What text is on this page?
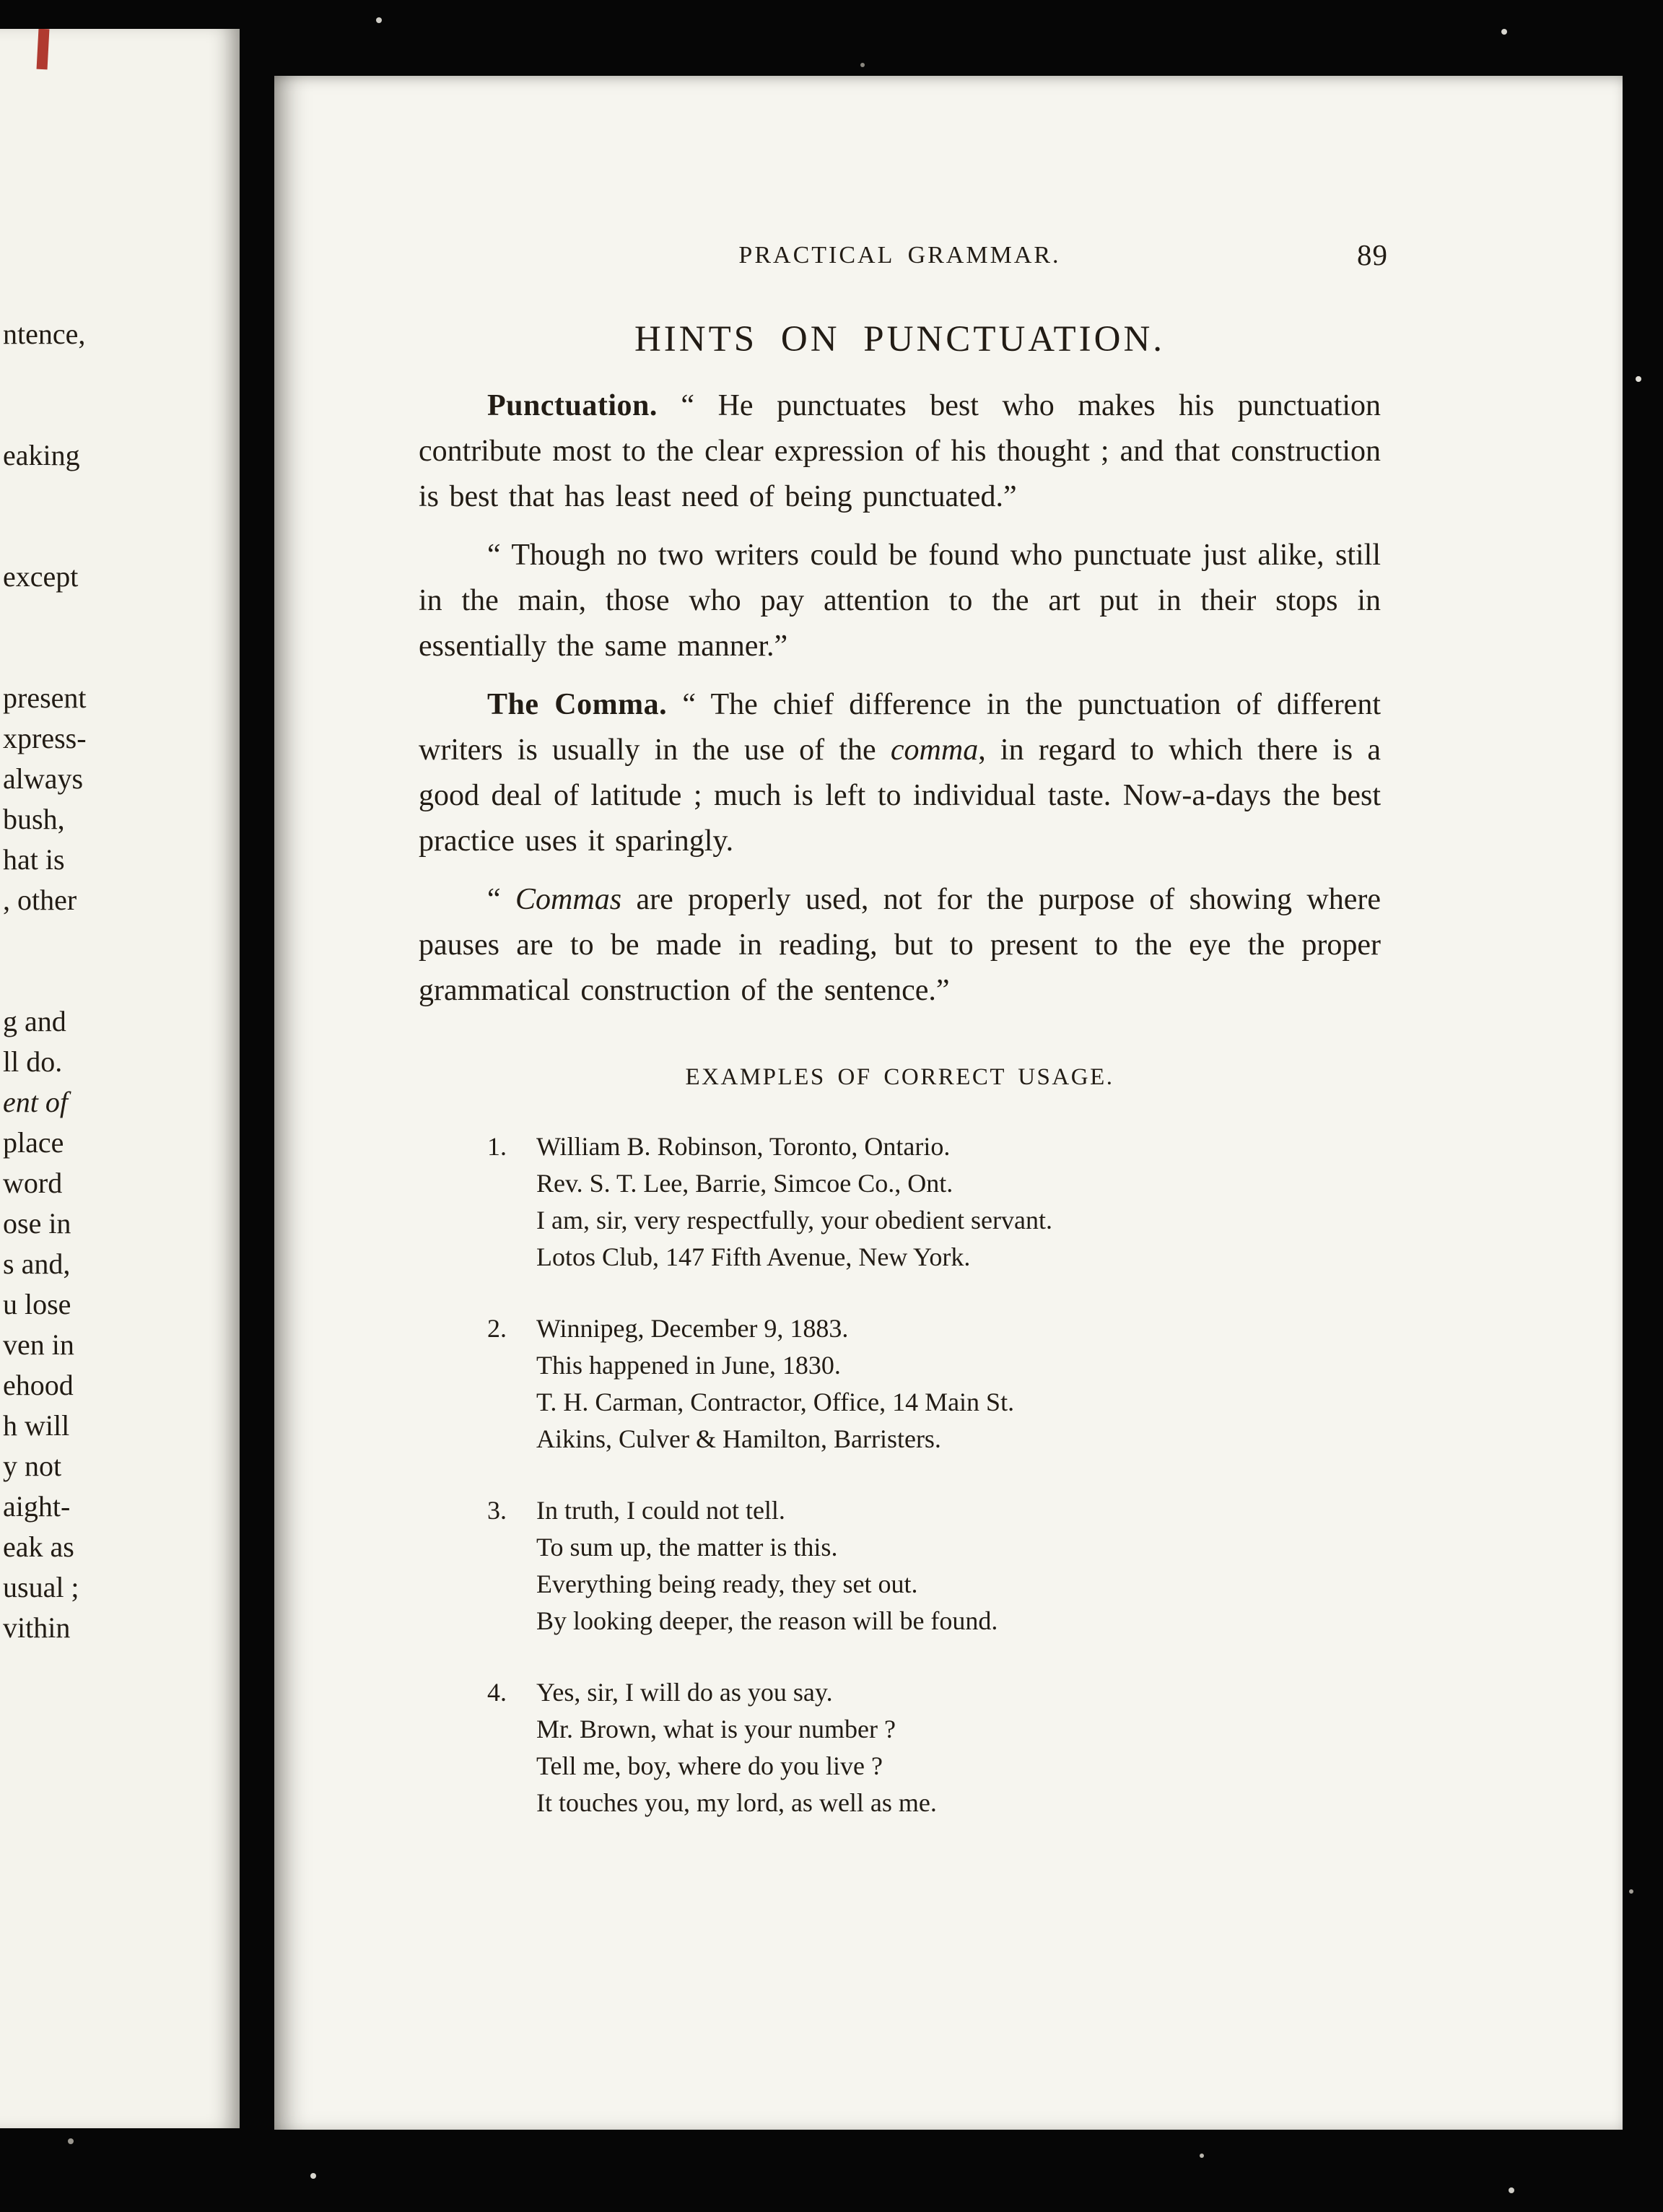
ntence,
eaking
except
present
xpress-
always
bush,
hat is
, other
g and
ll do.
ent of
place
word
ose in
s and,
u lose
ven in
ehood
h will
y not
aight-
eak as
usual ;
vithin
PRACTICAL GRAMMAR.	89
HINTS ON PUNCTUATION.

Punctuation. “ He punctuates best who makes his punctuation contribute most to the clear expression of his thought ; and that construction is best that has least need of being punctuated.”

“ Though no two writers could be found who punctuate just alike, still in the main, those who pay attention to the art put in their stops in essentially the same manner.”

The Comma. “ The chief difference in the punctuation of different writers is usually in the use of the comma, in regard to which there is a good deal of latitude ; much is left to individual taste. Now-a-days the best practice uses it sparingly.

“ Commas are properly used, not for the purpose of showing where pauses are to be made in reading, but to present to the eye the proper grammatical construction of the sentence.”

EXAMPLES OF CORRECT USAGE.
1.	William B. Robinson, Toronto, Ontario.
Rev. S. T. Lee, Barrie, Simcoe Co., Ont.
I am, sir, very respectfully, your obedient servant.
Lotos Club, 147 Fifth Avenue, New York.
2.	Winnipeg, December 9, 1883.
This happened in June, 1830.
T. H. Carman, Contractor, Office, 14 Main St.
Aikins, Culver & Hamilton, Barristers.
3.	In truth, I could not tell.
To sum up, the matter is this.
Everything being ready, they set out.
By looking deeper, the reason will be found.
4.	Yes, sir, I will do as you say.
Mr. Brown, what is your number ?
Tell me, boy, where do you live ?
It touches you, my lord, as well as me.
